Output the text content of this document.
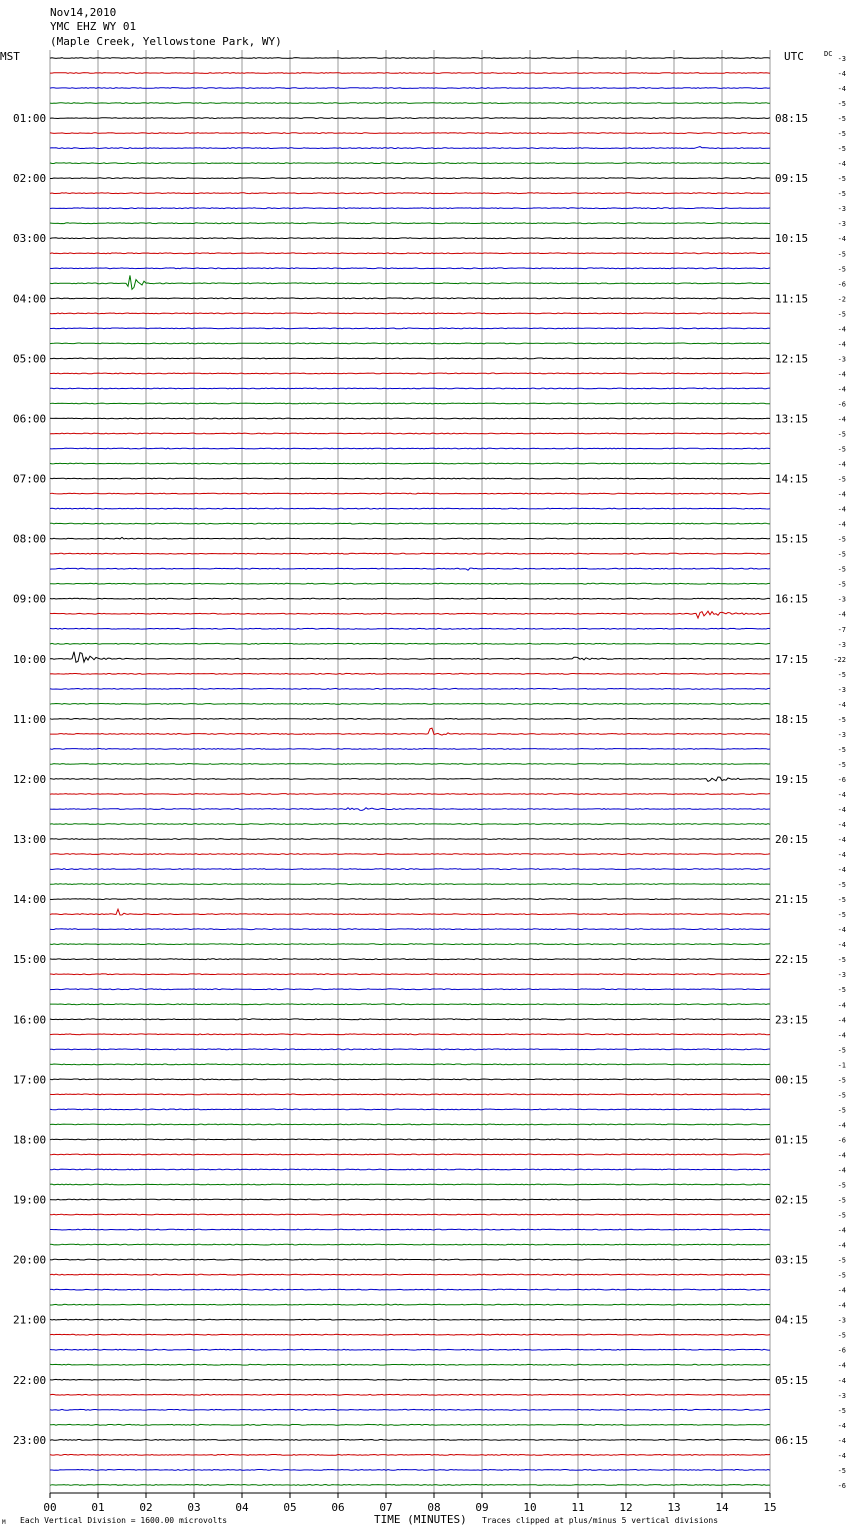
Nov14,2010
YMC EHZ WY 01
(Maple Creek, Yellowstone Park, WY)
MST	UTC	DC
01:00
02:00
03:00
04:00
05:00
06:00
07:00
08:00
09:00
10:00
11:00
12:00
13:00
14:00
15:00
16:00
17:00
18:00
19:00
20:00
21:00
22:00
23:00
08:15
09:15
10:15
11:15
12:15
13:15
14:15
15:15
16:15
17:15
18:15
19:15
20:15
21:15
22:15
23:15
00:15
01:15
02:15
03:15
04:15
05:15
06:15
-3
-4
-4
-5
-5
-5
-5
-4
-5
-5
-3
-3
-4
-5
-5
-6
-2
-5
-4
-4
-3
-4
-4
-6
-4
-5
-5
-4
-5
-4
-4
-4
-5
-5
-5
-5
-3
-4
-7
-3
-22
-5
-3
-4
-5
-3
-5
-5
-6
-4
-4
-4
-4
-4
-4
-5
-5
-5
-4
-4
-5
-3
-5
-4
-4
-4
-5
-1
-5
-5
-5
-4
-6
-4
-4
-5
-5
-5
-4
-4
-5
-5
-4
-4
-3
-5
-6
-4
-4
-3
-5
-4
-4
-4
-5
-6
00	01	02	03	04	05	06	07	08	09	10	11	12	13	14	15
M Each Vertical Division = 1600.00 microvolts	TIME (MINUTES) Traces clipped at plus/minus 5 vertical divisions
